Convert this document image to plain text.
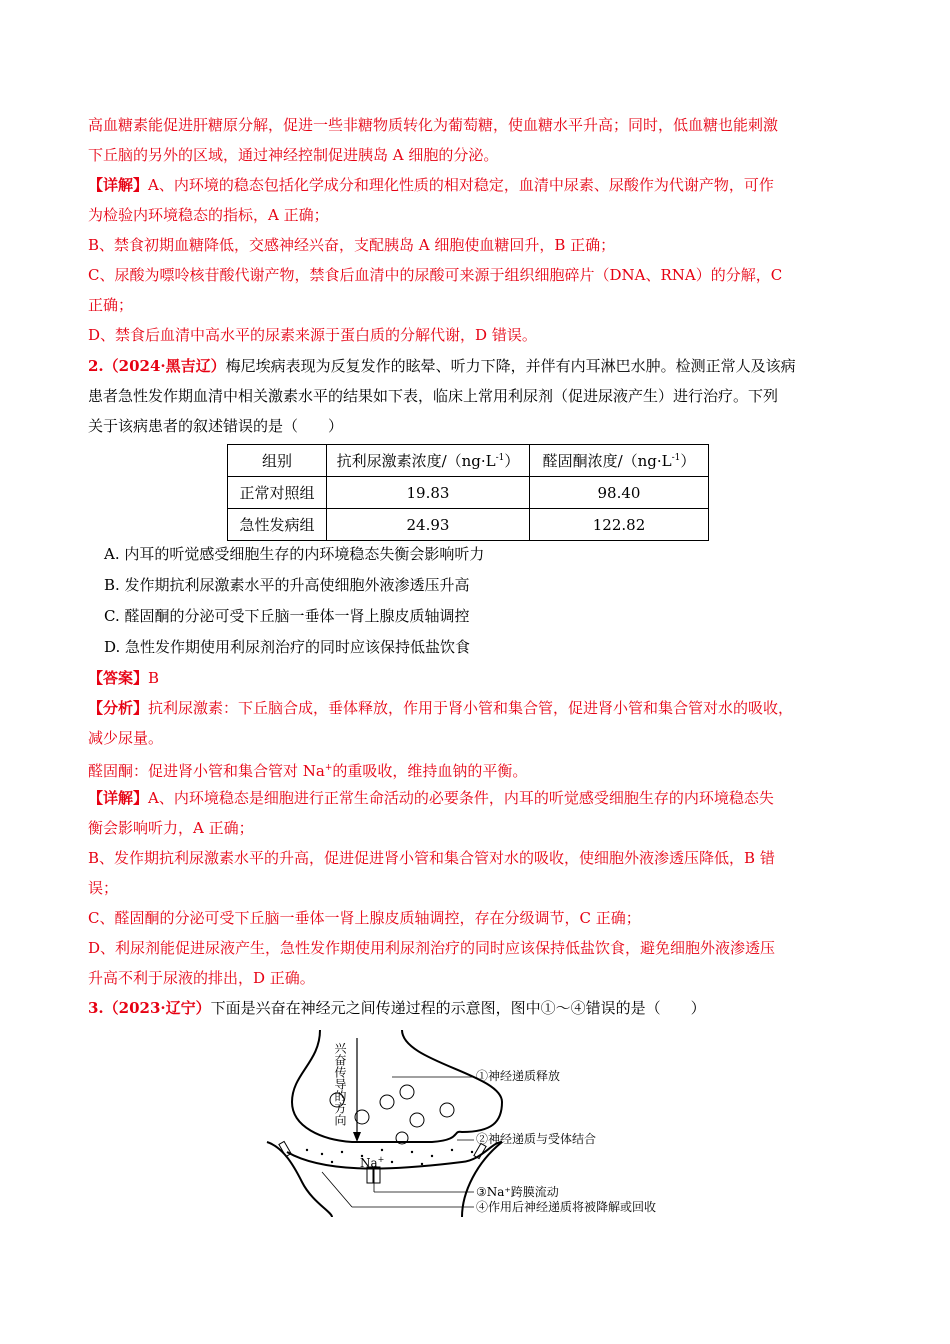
高血糖素能促进肝糖原分解，促进一些非糖物质转化为葡萄糖，使血糖水平升高；同时，低血糖也能刺激
下丘脑的另外的区域，通过神经控制促进胰岛 A 细胞的分泌。
【详解】A、内环境的稳态包括化学成分和理化性质的相对稳定，血清中尿素、尿酸作为代谢产物，可作
为检验内环境稳态的指标，A 正确；
B、禁食初期血糖降低，交感神经兴奋，支配胰岛 A 细胞使血糖回升，B 正确；
C、尿酸为嘌呤核苷酸代谢产物，禁食后血清中的尿酸可来源于组织细胞碎片（DNA、RNA）的分解，C
正确；
D、禁食后血清中高水平的尿素来源于蛋白质的分解代谢，D 错误。
2.（2024·黑吉辽）梅尼埃病表现为反复发作的眩晕、听力下降，并伴有内耳淋巴水肿。检测正常人及该病
患者急性发作期血清中相关激素水平的结果如下表，临床上常用利尿剂（促进尿液产生）进行治疗。下列
关于该病患者的叙述错误的是（　　）
组别	抗利尿激素浓度$/(ng\cdot L^{-1})$	醛固酮浓度$/(ng\cdot L^{-1})$
正常对照组	19.83	98.40
急性发病组	24.93	122.82
A. 内耳的听觉感受细胞生存的内环境稳态失衡会影响听力
B. 发作期抗利尿激素水平的升高使细胞外液渗透压升高
C. 醛固酮的分泌可受下丘脑一垂体一肾上腺皮质轴调控
D. 急性发作期使用利尿剂治疗的同时应该保持低盐饮食
【答案】B
【分析】抗利尿激素：下丘脑合成，垂体释放，作用于肾小管和集合管，促进肾小管和集合管对水的吸收，
减少尿量。
醛固酮：促进肾小管和集合管对 Na+的重吸收，维持血钠的平衡。
【详解】A、内环境稳态是细胞进行正常生命活动的必要条件，内耳的听觉感受细胞生存的内环境稳态失
衡会影响听力，A 正确；
B、发作期抗利尿激素水平的升高，促进促进肾小管和集合管对水的吸收，使细胞外液渗透压降低，B 错
误；
C、醛固酮的分泌可受下丘脑一垂体一肾上腺皮质轴调控，存在分级调节，C 正确；
D、利尿剂能促进尿液产生，急性发作期使用利尿剂治疗的同时应该保持低盐饮食，避免细胞外液渗透压
升高不利于尿液的排出，D 正确。
3.（2023·辽宁）下面是兴奋在神经元之间传递过程的示意图，图中①～④错误的是（　　）
兴奋传导的方向
Na+
①神经递质释放
②神经递质与受体结合
③Na⁺跨膜流动
④作用后神经递质将被降解或回收
